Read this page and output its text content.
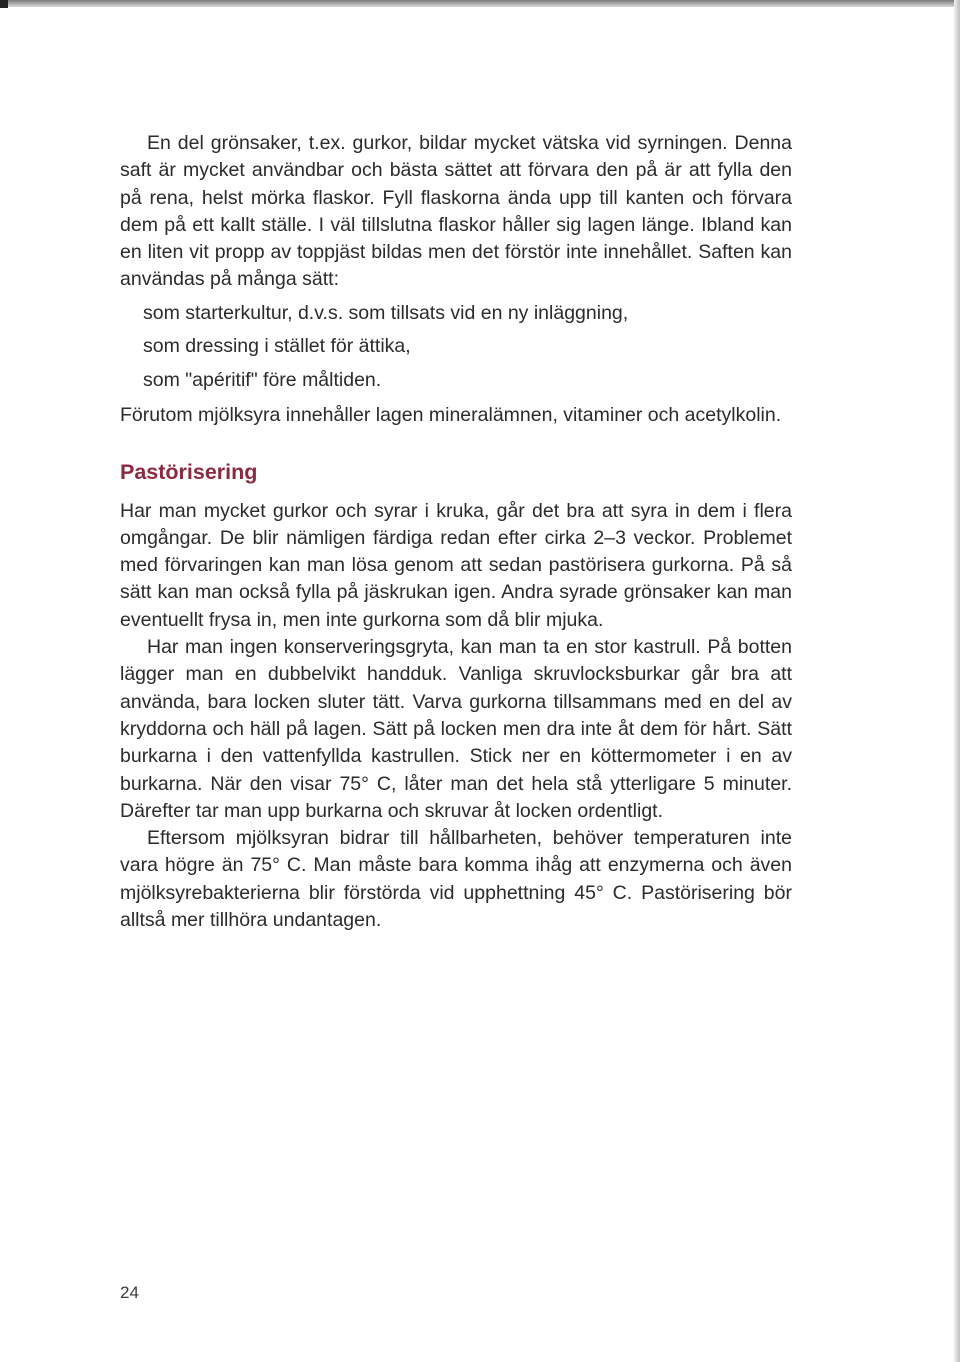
En del grönsaker, t.ex. gurkor, bildar mycket vätska vid syrningen. Denna saft är mycket användbar och bästa sättet att förvara den på är att fylla den på rena, helst mörka flaskor. Fyll flaskorna ända upp till kanten och förvara dem på ett kallt ställe. I väl tillslutna flaskor håller sig lagen länge. Ibland kan en liten vit propp av toppjäst bildas men det förstör inte innehållet. Saften kan användas på många sätt:

som starterkultur, d.v.s. som tillsats vid en ny inläggning,
som dressing i stället för ättika,
som "apéritif" före måltiden.

Förutom mjölksyra innehåller lagen mineralämnen, vitaminer och acetylkolin.

Pastörisering

Har man mycket gurkor och syrar i kruka, går det bra att syra in dem i flera omgångar. De blir nämligen färdiga redan efter cirka 2–3 veckor. Problemet med förvaringen kan man lösa genom att sedan pastörisera gurkorna. På så sätt kan man också fylla på jäskrukan igen. Andra syrade grönsaker kan man eventuellt frysa in, men inte gurkorna som då blir mjuka.

Har man ingen konserveringsgryta, kan man ta en stor kastrull. På botten lägger man en dubbelvikt handduk. Vanliga skruvlocksburkar går bra att använda, bara locken sluter tätt. Varva gurkorna tillsammans med en del av kryddorna och häll på lagen. Sätt på locken men dra inte åt dem för hårt. Sätt burkarna i den vattenfyllda kastrullen. Stick ner en köttermometer i en av burkarna. När den visar 75° C, låter man det hela stå ytterligare 5 minuter. Därefter tar man upp burkarna och skruvar åt locken ordentligt.

Eftersom mjölksyran bidrar till hållbarheten, behöver temperaturen inte vara högre än 75° C. Man måste bara komma ihåg att enzymerna och även mjölksyrebakterierna blir förstörda vid upphettning 45° C. Pastörisering bör alltså mer tillhöra undantagen.

24
